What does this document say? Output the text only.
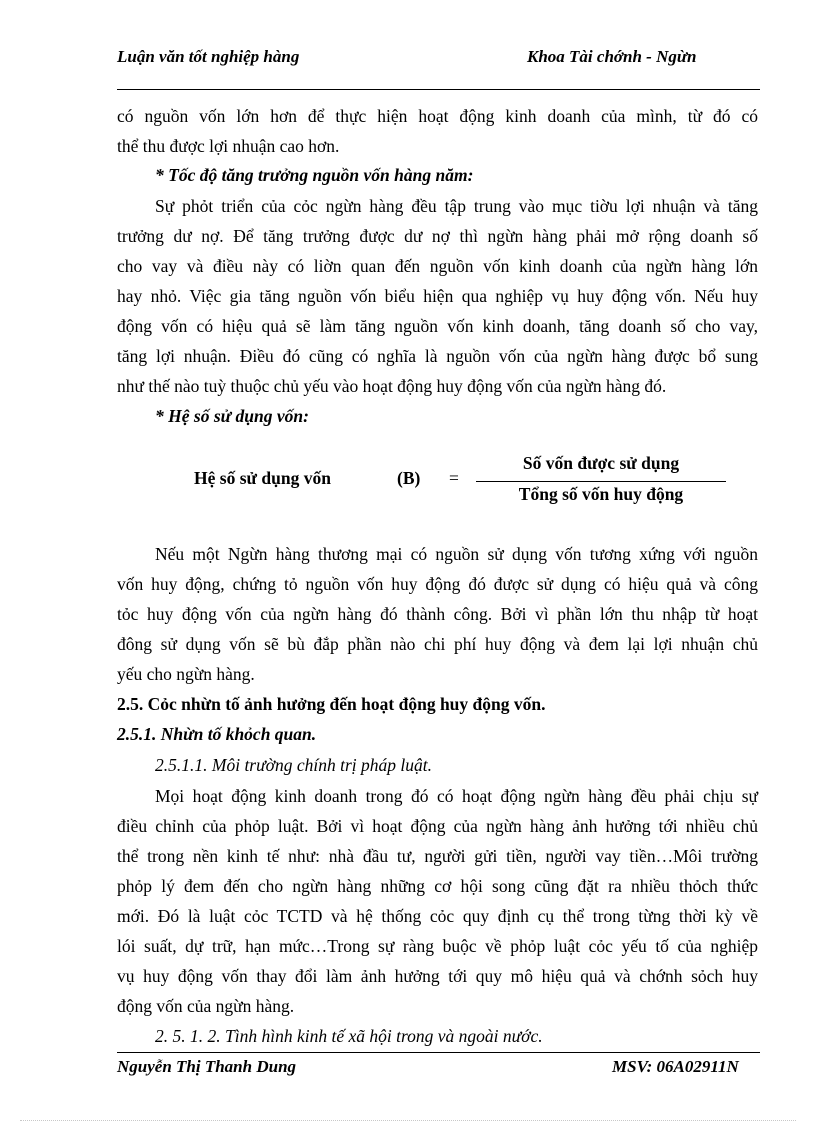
Luận văn tốt nghiệp hàng	Khoa Tài chớnh - Ngừn
có nguồn vốn lớn hơn để thực hiện hoạt động kinh doanh của mình, từ đó có
thể thu được lợi nhuận cao hơn.
* Tốc độ tăng trưởng nguồn vốn hàng năm:
Sự phỏt triển của cỏc ngừn hàng đều tập trung vào mục tiờu lợi nhuận và tăng
trưởng dư nợ. Để tăng trưởng được dư nợ thì ngừn hàng phải mở rộng doanh số
cho vay và điều này có liờn quan đến nguồn vốn kinh doanh của ngừn hàng lớn
hay nhỏ. Việc gia tăng nguồn vốn biểu hiện qua nghiệp vụ huy động vốn. Nếu huy
động vốn có hiệu quả sẽ làm tăng nguồn vốn kinh doanh, tăng doanh số cho vay,
tăng lợi nhuận. Điều đó cũng có nghĩa là nguồn vốn của ngừn hàng được bổ sung
như thế nào tuỳ thuộc chủ yếu vào hoạt động huy động vốn của ngừn hàng đó.
* Hệ số sử dụng vốn:
Hệ số sử dụng vốn	(B) =
Số vốn được sử dụng
Tổng số vốn huy động
Nếu một Ngừn hàng thương mại có nguồn sử dụng vốn tương xứng với nguồn
vốn huy động, chứng tỏ nguồn vốn huy động đó được sử dụng có hiệu quả và công
tỏc huy động vốn của ngừn hàng đó thành công. Bởi vì phần lớn thu nhập từ hoạt
đông sử dụng vốn sẽ bù đắp phần nào chi phí huy động và đem lại lợi nhuận chủ
yếu cho ngừn hàng.
2.5. Cỏc nhừn tố ảnh hưởng đến hoạt động huy động vốn.
2.5.1. Nhừn tố khỏch quan.
2.5.1.1. Môi trường chính trị pháp luật.
Mọi hoạt động kinh doanh trong đó có hoạt động ngừn hàng đều phải chịu sự
điều chỉnh của phỏp luật. Bởi vì hoạt động của ngừn hàng ảnh hưởng tới nhiều chủ
thể trong nền kinh tế như: nhà đầu tư, người gửi tiền, người vay tiền…Môi trường
phỏp lý đem đến cho ngừn hàng những cơ hội song cũng đặt ra nhiều thỏch thức
mới. Đó là luật cỏc TCTD và hệ thống cỏc quy định cụ thể trong từng thời kỳ về
lói suất, dự trữ, hạn mức…Trong sự ràng buộc về phỏp luật cỏc yếu tố của nghiệp
vụ huy động vốn thay đổi làm ảnh hưởng tới quy mô hiệu quả và chớnh sỏch huy
động vốn của ngừn hàng.
2. 5. 1. 2. Tình hình kinh tế xã hội trong và ngoài nước.
Nguyễn Thị Thanh Dung	MSV: 06A02911N
